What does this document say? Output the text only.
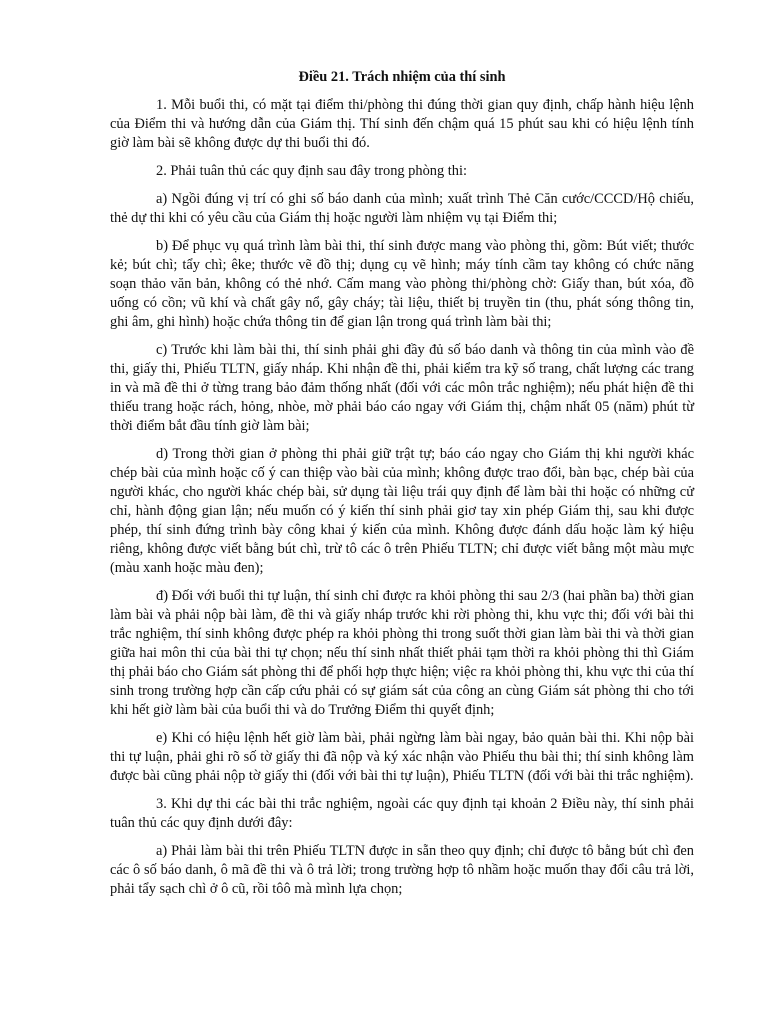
Điều 21. Trách nhiệm của thí sinh

1. Mỗi buổi thi, có mặt tại điểm thi/phòng thi đúng thời gian quy định, chấp hành hiệu lệnh của Điểm thi và hướng dẫn của Giám thị. Thí sinh đến chậm quá 15 phút sau khi có hiệu lệnh tính giờ làm bài sẽ không được dự thi buổi thi đó.

2. Phải tuân thủ các quy định sau đây trong phòng thi:

a) Ngồi đúng vị trí có ghi số báo danh của mình; xuất trình Thẻ Căn cước/CCCD/Hộ chiếu, thẻ dự thi khi có yêu cầu của Giám thị hoặc người làm nhiệm vụ tại Điểm thi;

b) Để phục vụ quá trình làm bài thi, thí sinh được mang vào phòng thi, gồm: Bút viết; thước kẻ; bút chì; tẩy chì; êke; thước vẽ đồ thị; dụng cụ vẽ hình; máy tính cầm tay không có chức năng soạn thảo văn bản, không có thẻ nhớ. Cấm mang vào phòng thi/phòng chờ: Giấy than, bút xóa, đồ uống có cồn; vũ khí và chất gây nổ, gây cháy; tài liệu, thiết bị truyền tin (thu, phát sóng thông tin, ghi âm, ghi hình) hoặc chứa thông tin để gian lận trong quá trình làm bài thi;

c) Trước khi làm bài thi, thí sinh phải ghi đầy đủ số báo danh và thông tin của mình vào đề thi, giấy thi, Phiếu TLTN, giấy nháp. Khi nhận đề thi, phải kiểm tra kỹ số trang, chất lượng các trang in và mã đề thi ở từng trang bảo đảm thống nhất (đối với các môn trắc nghiệm); nếu phát hiện đề thi thiếu trang hoặc rách, hỏng, nhòe, mờ phải báo cáo ngay với Giám thị, chậm nhất 05 (năm) phút từ thời điểm bắt đầu tính giờ làm bài;

d) Trong thời gian ở phòng thi phải giữ trật tự; báo cáo ngay cho Giám thị khi người khác chép bài của mình hoặc cố ý can thiệp vào bài của mình; không được trao đổi, bàn bạc, chép bài của người khác, cho người khác chép bài, sử dụng tài liệu trái quy định để làm bài thi hoặc có những cử chỉ, hành động gian lận; nếu muốn có ý kiến thí sinh phải giơ tay xin phép Giám thị, sau khi được phép, thí sinh đứng trình bày công khai ý kiến của mình. Không được đánh dấu hoặc làm ký hiệu riêng, không được viết bằng bút chì, trừ tô các ô trên Phiếu TLTN; chỉ được viết bằng một màu mực (màu xanh hoặc màu đen);

đ) Đối với buổi thi tự luận, thí sinh chỉ được ra khỏi phòng thi sau 2/3 (hai phần ba) thời gian làm bài và phải nộp bài làm, đề thi và giấy nháp trước khi rời phòng thi, khu vực thi; đối với bài thi trắc nghiệm, thí sinh không được phép ra khỏi phòng thi trong suốt thời gian làm bài thi và thời gian giữa hai môn thi của bài thi tự chọn; nếu thí sinh nhất thiết phải tạm thời ra khỏi phòng thi thì Giám thị phải báo cho Giám sát phòng thi để phối hợp thực hiện; việc ra khỏi phòng thi, khu vực thi của thí sinh trong trường hợp cần cấp cứu phải có sự giám sát của công an cùng Giám sát phòng thi cho tới khi hết giờ làm bài của buổi thi và do Trưởng Điểm thi quyết định;

e) Khi có hiệu lệnh hết giờ làm bài, phải ngừng làm bài ngay, bảo quản bài thi. Khi nộp bài thi tự luận, phải ghi rõ số tờ giấy thi đã nộp và ký xác nhận vào Phiếu thu bài thi; thí sinh không làm được bài cũng phải nộp tờ giấy thi (đối với bài thi tự luận), Phiếu TLTN (đối với bài thi trắc nghiệm).

3. Khi dự thi các bài thi trắc nghiệm, ngoài các quy định tại khoản 2 Điều này, thí sinh phải tuân thủ các quy định dưới đây:

a) Phải làm bài thi trên Phiếu TLTN được in sẵn theo quy định; chỉ được tô bằng bút chì đen các ô số báo danh, ô mã đề thi và ô trả lời; trong trường hợp tô nhầm hoặc muốn thay đổi câu trả lời, phải tẩy sạch chì ở ô cũ, rồi tôô mà mình lựa chọn;
